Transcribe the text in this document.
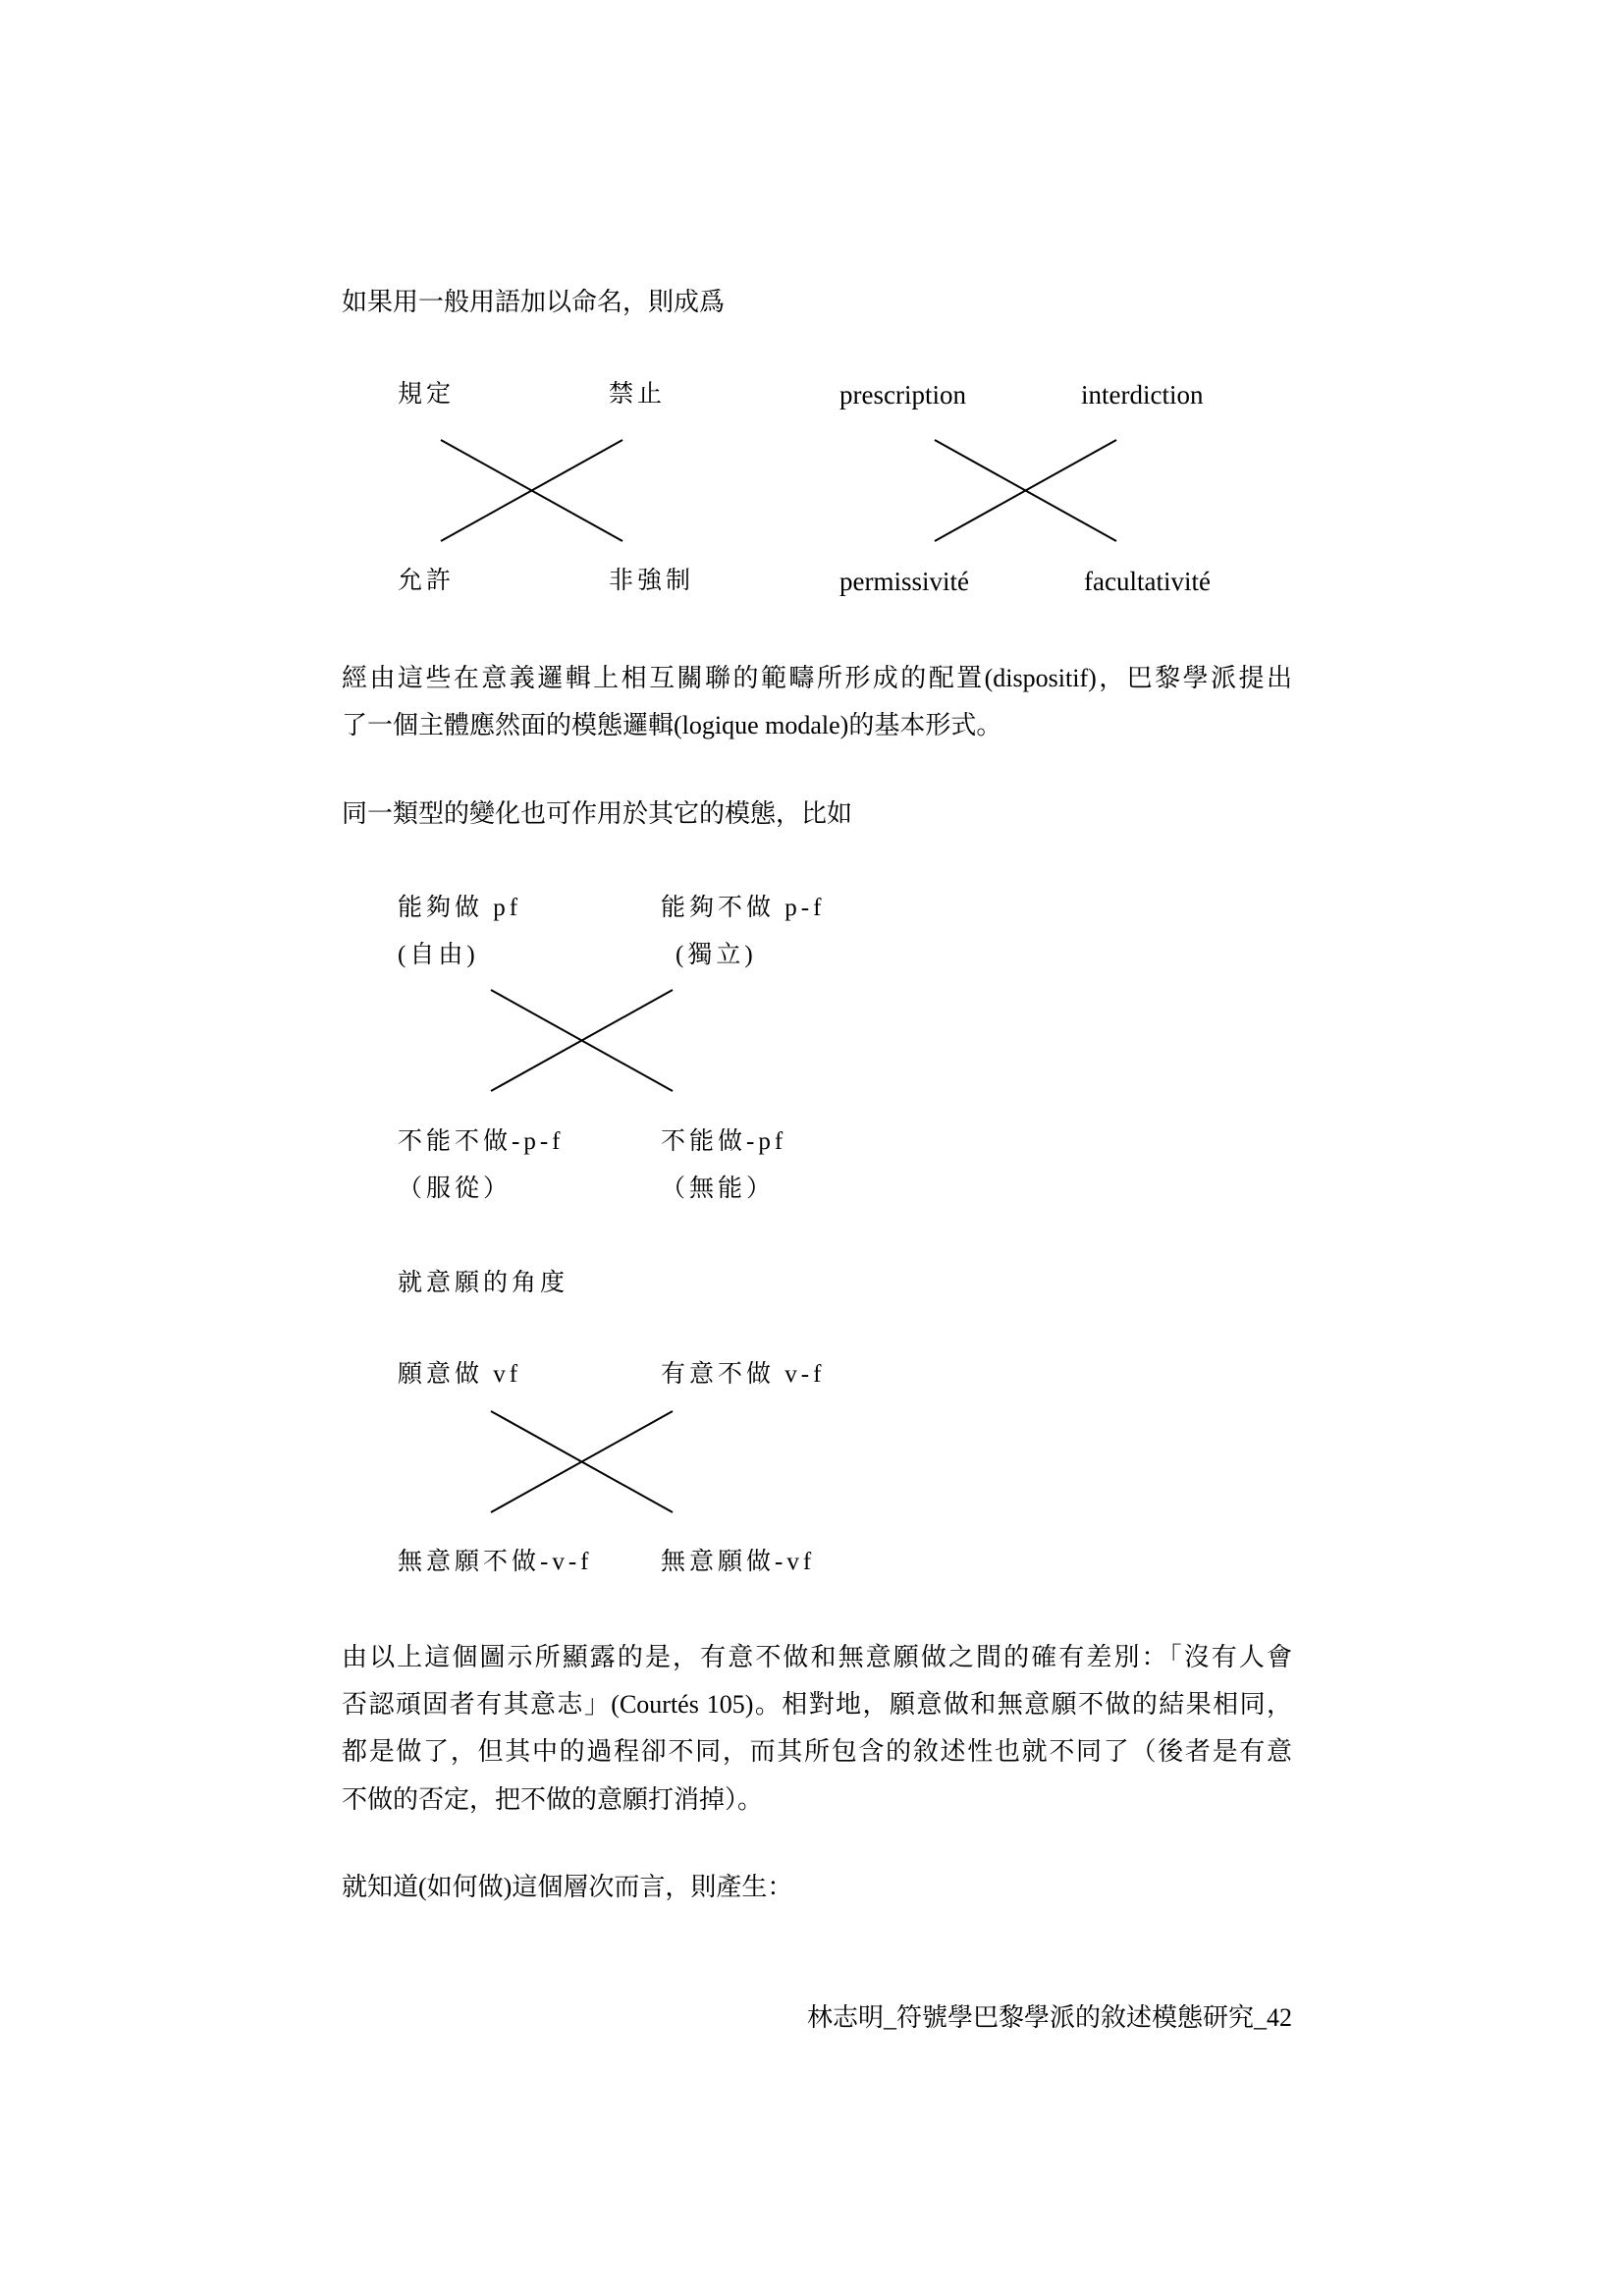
如果用一般用語加以命名，則成爲
規定	禁止
允許	非強制
prescription	interdiction
permissivité	facultativité
經由這些在意義邏輯上相互關聯的範疇所形成的配置(dispositif)，巴黎學派提出
了一個主體應然面的模態邏輯(logique modale)的基本形式。
同一類型的變化也可作用於其它的模態，比如
能夠做 pf	能夠不做 p-f
(自由)	(獨立)
不能不做-p-f	不能做-pf
（服從）	（無能）
就意願的角度
願意做 vf	有意不做 v-f
無意願不做-v-f	無意願做-vf
由以上這個圖示所顯露的是，有意不做和無意願做之間的確有差別：「沒有人會
否認頑固者有其意志」(Courtés 105)。相對地，願意做和無意願不做的結果相同，
都是做了，但其中的過程卻不同，而其所包含的敘述性也就不同了（後者是有意
不做的否定，把不做的意願打消掉）。
就知道(如何做)這個層次而言，則產生：
林志明_符號學巴黎學派的敘述模態研究_42
